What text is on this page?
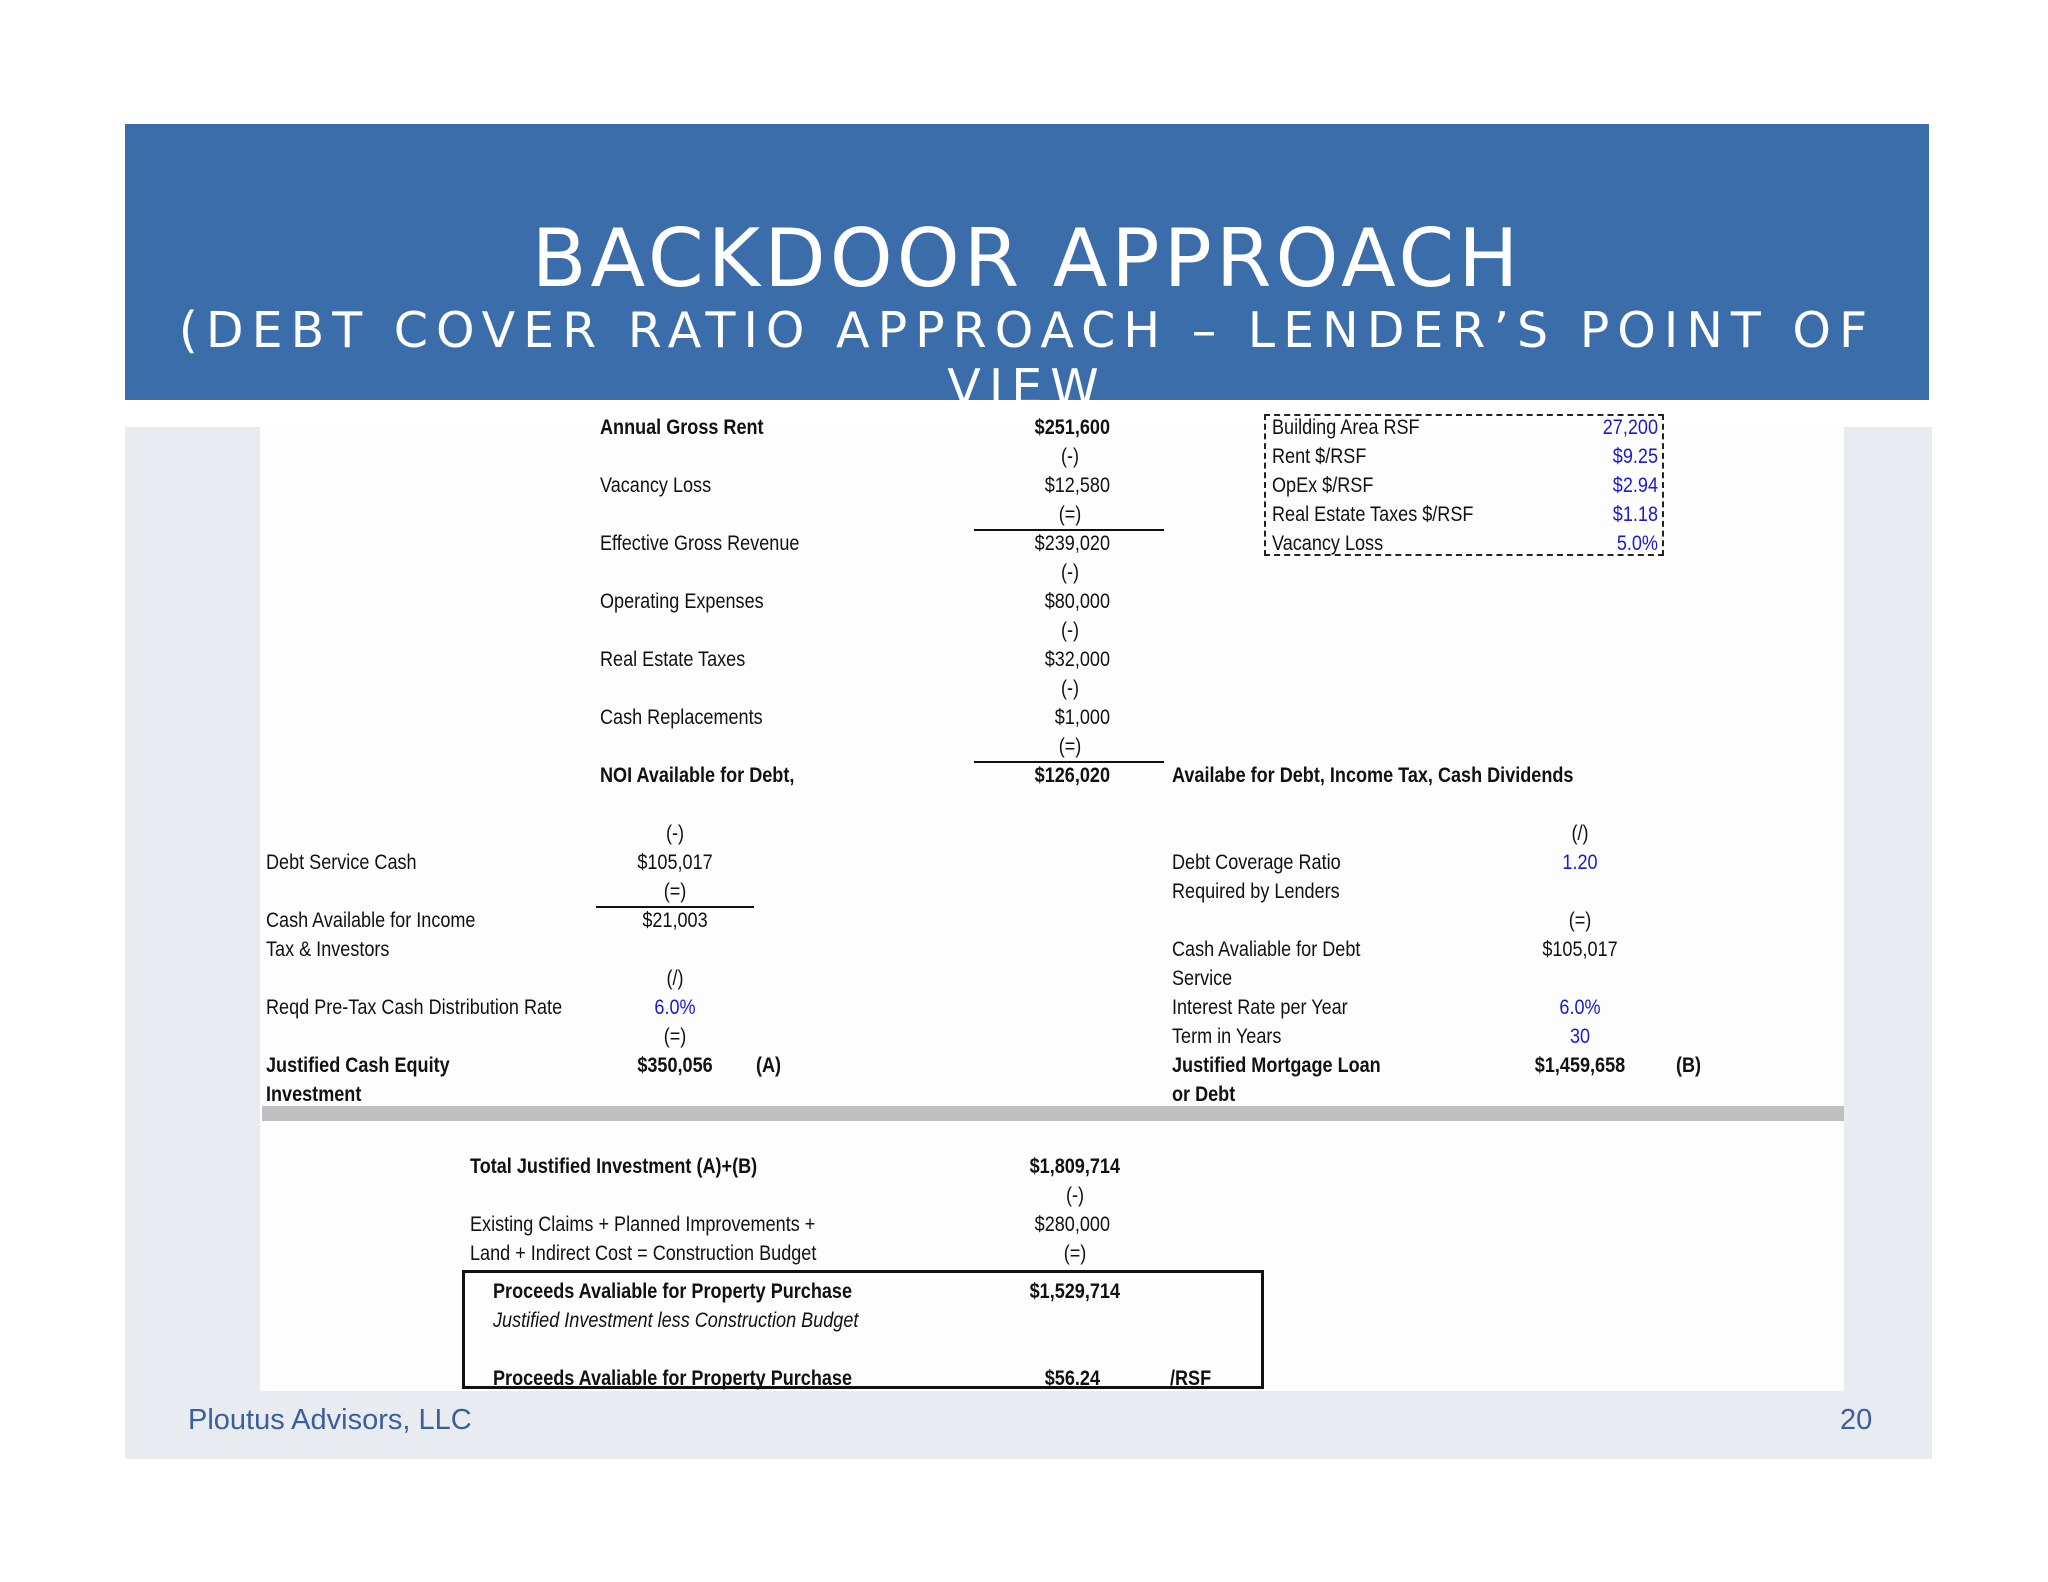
BACKDOOR APPROACH
(DEBT COVER RATIO APPROACH – LENDER’S POINT OF VIEW
Annual Gross Rent	$251,600
(-)
Vacancy Loss	$12,580
(=)
Effective Gross Revenue	$239,020
(-)
Operating Expenses	$80,000
(-)
Real Estate Taxes	$32,000
(-)
Cash Replacements	$1,000
(=)
NOI Available for Debt,	$126,020	Availabe for Debt, Income Tax, Cash Dividends
Building Area RSF	27,200
Rent $/RSF	$9.25
OpEx $/RSF	$2.94
Real Estate Taxes $/RSF	$1.18
Vacancy Loss	5.0%
(-)
Debt Service Cash	$105,017
(=)
Cash Available for Income	$21,003
Tax & Investors
(/)
Reqd Pre-Tax Cash Distribution Rate	6.0%
(=)
Justified Cash Equity	$350,056	(A)
Investment
(/)
Debt Coverage Ratio	1.20
Required by Lenders
(=)
Cash Avaliable for Debt	$105,017
Service
Interest Rate per Year	6.0%
Term in Years	30
Justified Mortgage Loan	$1,459,658	(B)
or Debt
Total Justified Investment (A)+(B)	$1,809,714
(-)
Existing Claims + Planned Improvements +	$280,000
Land + Indirect Cost = Construction Budget	(=)
Proceeds Avaliable for Property Purchase	$1,529,714
Justified Investment less Construction Budget
Proceeds Avaliable for Property Purchase	$56.24	/RSF
Ploutus Advisors, LLC	20
